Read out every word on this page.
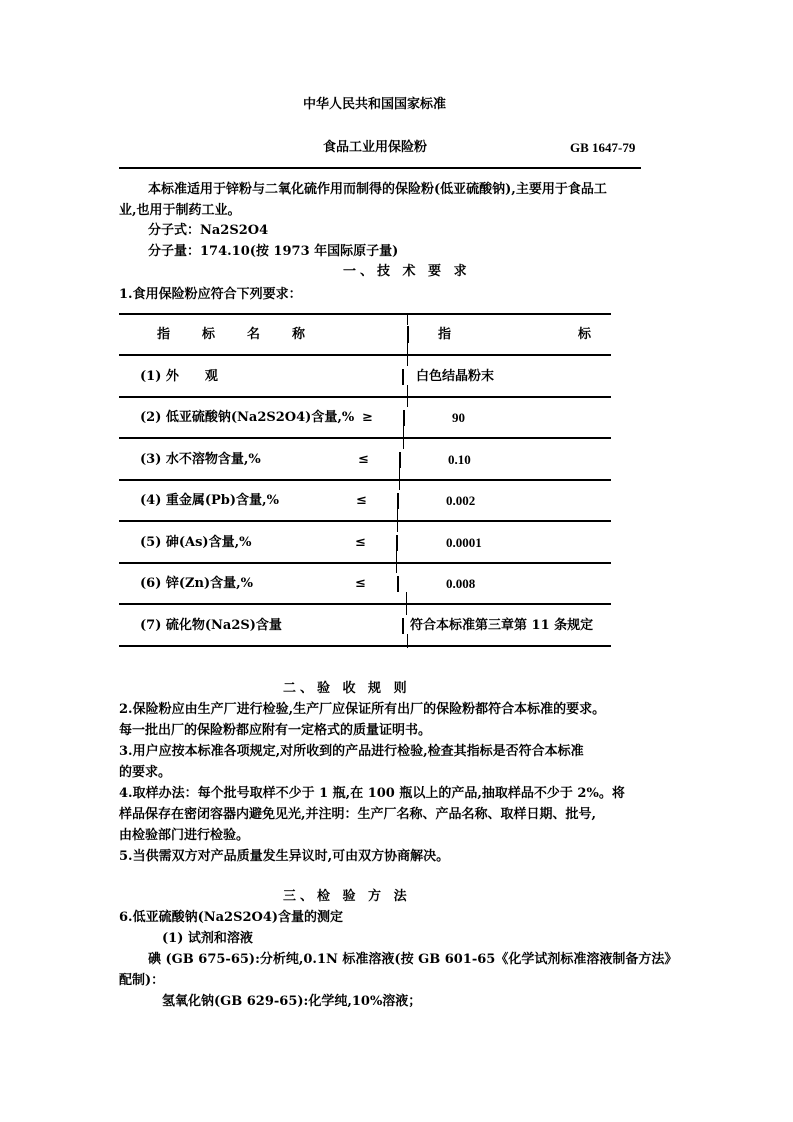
中华人民共和国国家标准
食品工业用保险粉	GB 1647-79
本标准适用于锌粉与二氧化硫作用而制得的保险粉(低亚硫酸钠),主要用于食品工
业,也用于制药工业。
分子式：Na2S2O4
分子量：174.10(按 1973 年国际原子量)
一、技 术 要 求
1.食用保险粉应符合下列要求：
指　　标　　名　　称	指	标
(1) 外　　观	白色结晶粉末
(2) 低亚硫酸钠(Na2S2O4)含量,% ≥	90
(3) 水不溶物含量,%	≤	0.10
(4) 重金属(Pb)含量,%	≤	0.002
(5) 砷(As)含量,%	≤	0.0001
(6) 锌(Zn)含量,%	≤	0.008
(7) 硫化物(Na2S)含量	符合本标准第三章第 11 条规定
二、验 收 规 则
2.保险粉应由生产厂进行检验,生产厂应保证所有出厂的保险粉都符合本标准的要求。
每一批出厂的保险粉都应附有一定格式的质量证明书。
3.用户应按本标准各项规定,对所收到的产品进行检验,检查其指标是否符合本标准
的要求。
4.取样办法：每个批号取样不少于 1 瓶,在 100 瓶以上的产品,抽取样品不少于 2%。将
样品保存在密闭容器内避免见光,并注明：生产厂名称、产品名称、取样日期、批号,
由检验部门进行检验。
5.当供需双方对产品质量发生异议时,可由双方协商解决。
三、检 验 方 法
6.低亚硫酸钠(Na2S2O4)含量的测定
(1) 试剂和溶液
碘 (GB 675-65):分析纯,0.1N 标准溶液(按 GB 601-65《化学试剂标准溶液制备方法》
配制)：
氢氧化钠(GB 629-65):化学纯,10%溶液；
